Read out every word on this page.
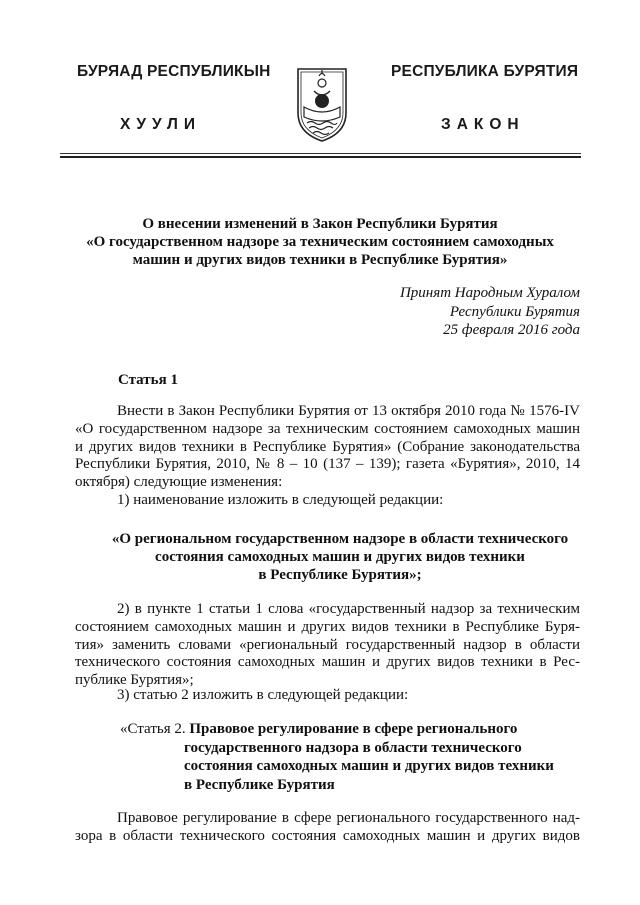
БУРЯАД РЕСПУБЛИКЫН
ХУУЛИ
РЕСПУБЛИКА БУРЯТИЯ
ЗАКОН
О внесении изменений в Закон Республики Бурятия
«О государственном надзоре за техническим состоянием самоходных
машин и других видов техники в Республике Бурятия»
Принят Народным Хуралом
Республики Бурятия
25 февраля 2016 года
Статья 1
Внести в Закон Республики Бурятия от 13 октября 2010 года № 1576-IV
«О государственном надзоре за техническим состоянием самоходных машин
и других видов техники в Республике Бурятия» (Собрание законодательства
Республики Бурятия, 2010, № 8 – 10 (137 – 139); газета «Бурятия», 2010, 14
октября) следующие изменения:
1) наименование изложить в следующей редакции:
«О региональном государственном надзоре в области технического
состояния самоходных машин и других видов техники
в Республике Бурятия»;
2) в пункте 1 статьи 1 слова «государственный надзор за техническим
состоянием самоходных машин и других видов техники в Республике Буря-
тия» заменить словами «региональный государственный надзор в области
технического состояния самоходных машин и других видов техники в Рес-
публике Бурятия»;
3) статью 2 изложить в следующей редакции:
«Статья 2. Правовое регулирование в сфере регионального
государственного надзора в области технического
состояния самоходных машин и других видов техники
в Республике Бурятия
Правовое регулирование в сфере регионального государственного над-
зора в области технического состояния самоходных машин и других видов
